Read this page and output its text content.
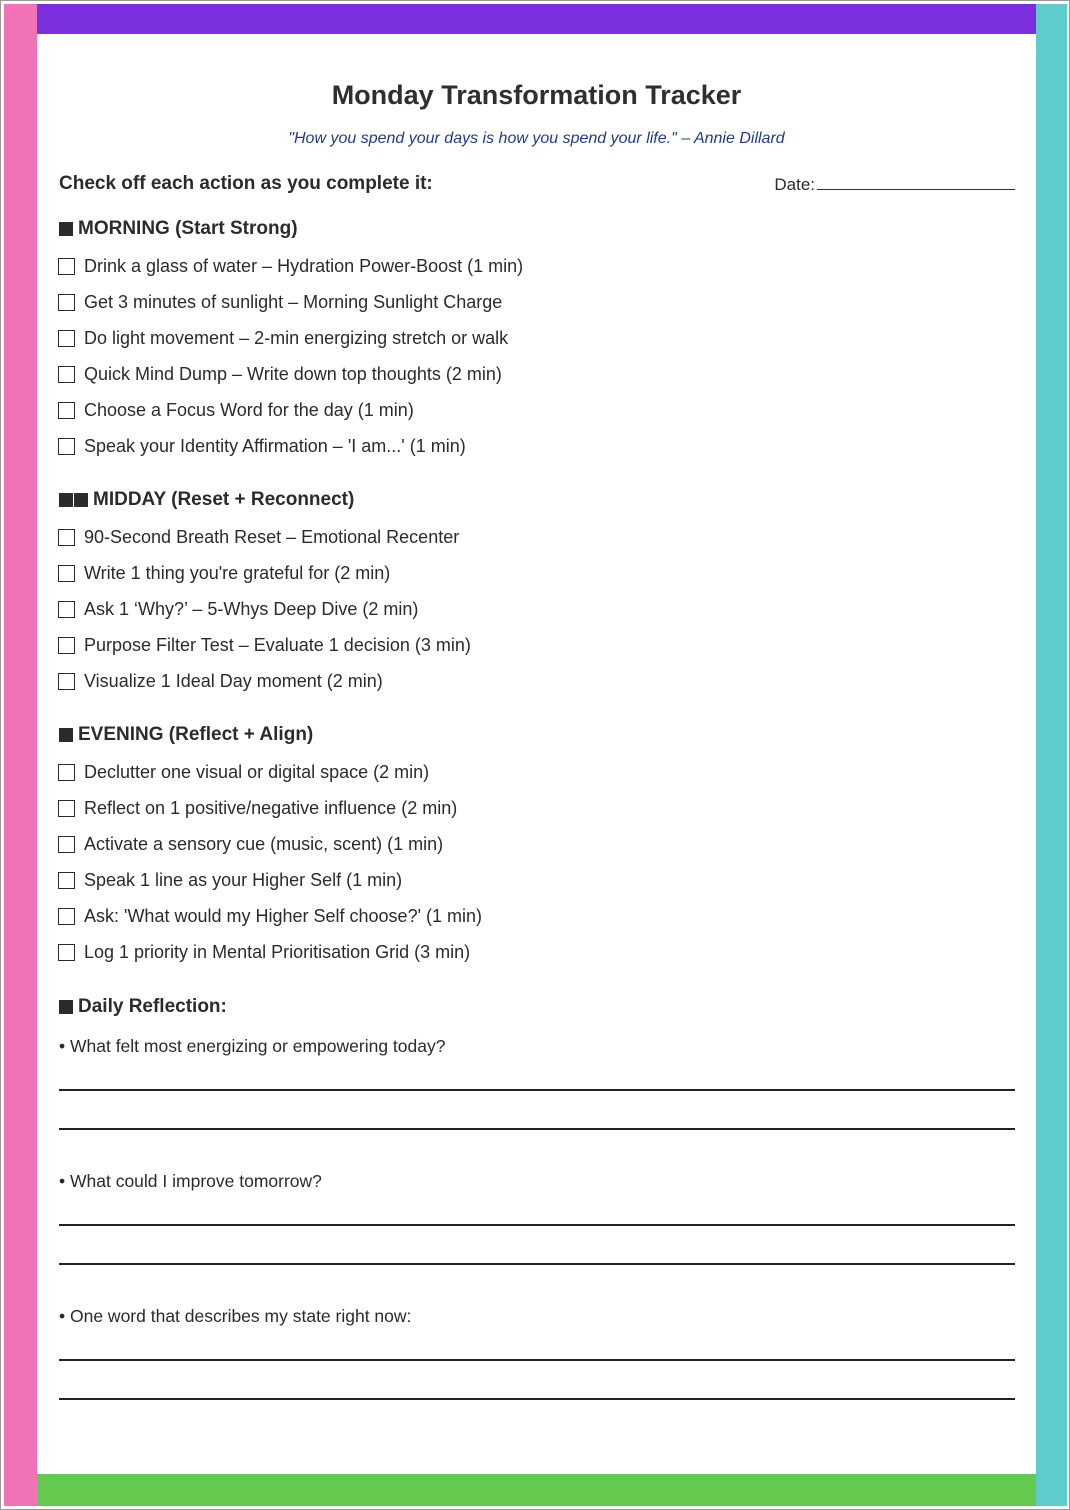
Monday Transformation Tracker
"How you spend your days is how you spend your life." – Annie Dillard
Check off each action as you complete it:	Date:
MORNING (Start Strong)
Drink a glass of water – Hydration Power-Boost (1 min)
Get 3 minutes of sunlight – Morning Sunlight Charge
Do light movement – 2-min energizing stretch or walk
Quick Mind Dump – Write down top thoughts (2 min)
Choose a Focus Word for the day (1 min)
Speak your Identity Affirmation – 'I am...' (1 min)
MIDDAY (Reset + Reconnect)
90-Second Breath Reset – Emotional Recenter
Write 1 thing you're grateful for (2 min)
Ask 1 ‘Why?’ – 5-Whys Deep Dive (2 min)
Purpose Filter Test – Evaluate 1 decision (3 min)
Visualize 1 Ideal Day moment (2 min)
EVENING (Reflect + Align)
Declutter one visual or digital space (2 min)
Reflect on 1 positive/negative influence (2 min)
Activate a sensory cue (music, scent) (1 min)
Speak 1 line as your Higher Self (1 min)
Ask: 'What would my Higher Self choose?' (1 min)
Log 1 priority in Mental Prioritisation Grid (3 min)
Daily Reflection:
• What felt most energizing or empowering today?
• What could I improve tomorrow?
• One word that describes my state right now:
